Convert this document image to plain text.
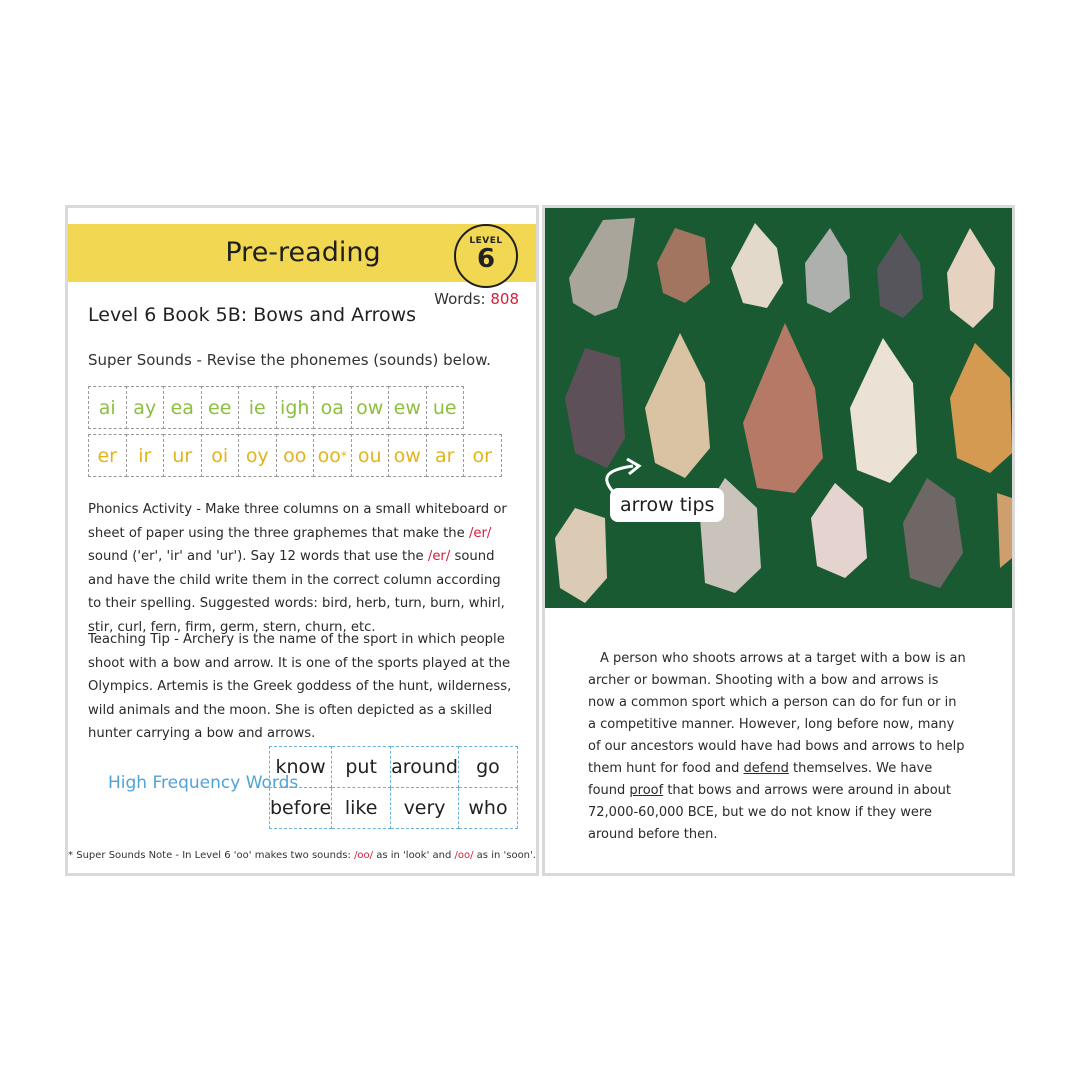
Pre-reading	LEVEL
6
Words: 808
Level 6 Book 5B: Bows and Arrows
Super Sounds - Revise the phonemes (sounds) below.
ai ay ea ee ie igh oa ow ew ue
er	ir	ur	oi oy oo oo* ou ow ar or
Phonics Activity - Make three columns on a small whiteboard or sheet of paper using the three graphemes that make the /er/ sound ('er', 'ir' and 'ur'). Say 12 words that use the /er/ sound and have the child write them in the correct column according to their spelling. Suggested words: bird, herb, turn, burn, whirl, stir, curl, fern, firm, germ, stern, churn, etc.
Teaching Tip - Archery is the name of the sport in which people shoot with a bow and arrow. It is one of the sports played at the Olympics. Artemis is the Greek goddess of the hunt, wilderness, wild animals and the moon. She is often depicted as a skilled hunter carrying a bow and arrows.
High Frequency Words
know	put	around	go
before	like	very	who
* Super Sounds Note - In Level 6 'oo' makes two sounds: /oo/ as in 'look' and /oo/ as in 'soon'.
arrow tips
A person who shoots arrows at a target with a bow is an archer or bowman. Shooting with a bow and arrows is now a common sport which a person can do for fun or in a competitive manner. However, long before now, many of our ancestors would have had bows and arrows to help them hunt for food and defend themselves. We have found proof that bows and arrows were around in about 72,000-60,000 BCE, but we do not know if they were around before then.
